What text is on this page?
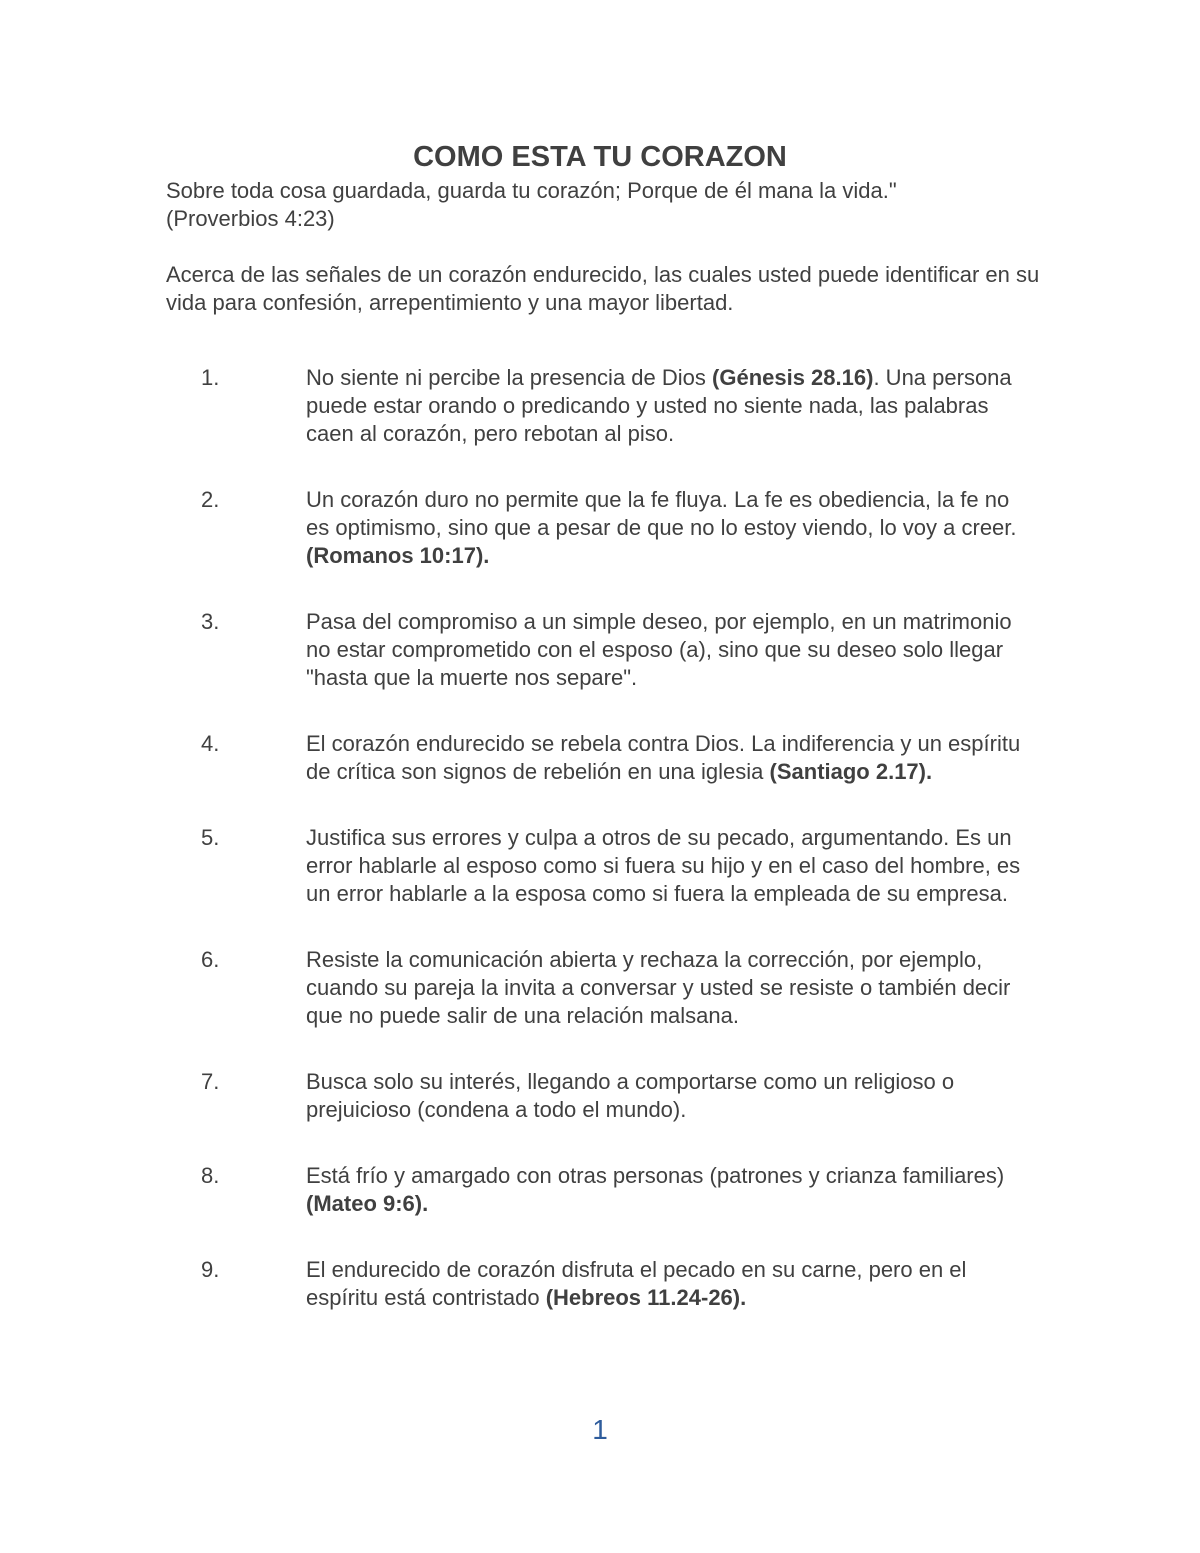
COMO ESTA TU CORAZON

Sobre toda cosa guardada, guarda tu corazón; Porque de él mana la vida."
(Proverbios 4:23)

Acerca de las señales de un corazón endurecido, las cuales usted puede identificar en su vida para confesión, arrepentimiento y una mayor libertad.

1.	No siente ni percibe la presencia de Dios (Génesis 28.16). Una persona puede estar orando o predicando y usted no siente nada, las palabras caen al corazón, pero rebotan al piso.
2.	Un corazón duro no permite que la fe fluya. La fe es obediencia, la fe no es optimismo, sino que a pesar de que no lo estoy viendo, lo voy a creer. (Romanos 10:17).
3.	Pasa del compromiso a un simple deseo, por ejemplo, en un matrimonio no estar comprometido con el esposo (a), sino que su deseo solo llegar "hasta que la muerte nos separe".
4.	El corazón endurecido se rebela contra Dios. La indiferencia y un espíritu de crítica son signos de rebelión en una iglesia (Santiago 2.17).
5.	Justifica sus errores y culpa a otros de su pecado, argumentando. Es un error hablarle al esposo como si fuera su hijo y en el caso del hombre, es un error hablarle a la esposa como si fuera la empleada de su empresa.
6.	Resiste la comunicación abierta y rechaza la corrección, por ejemplo, cuando su pareja la invita a conversar y usted se resiste o también decir que no puede salir de una relación malsana.
7.	Busca solo su interés, llegando a comportarse como un religioso o prejuicioso (condena a todo el mundo).
8.	Está frío y amargado con otras personas (patrones y crianza familiares) (Mateo 9:6).
9.	El endurecido de corazón disfruta el pecado en su carne, pero en el espíritu está contristado (Hebreos 11.24-26).
1
